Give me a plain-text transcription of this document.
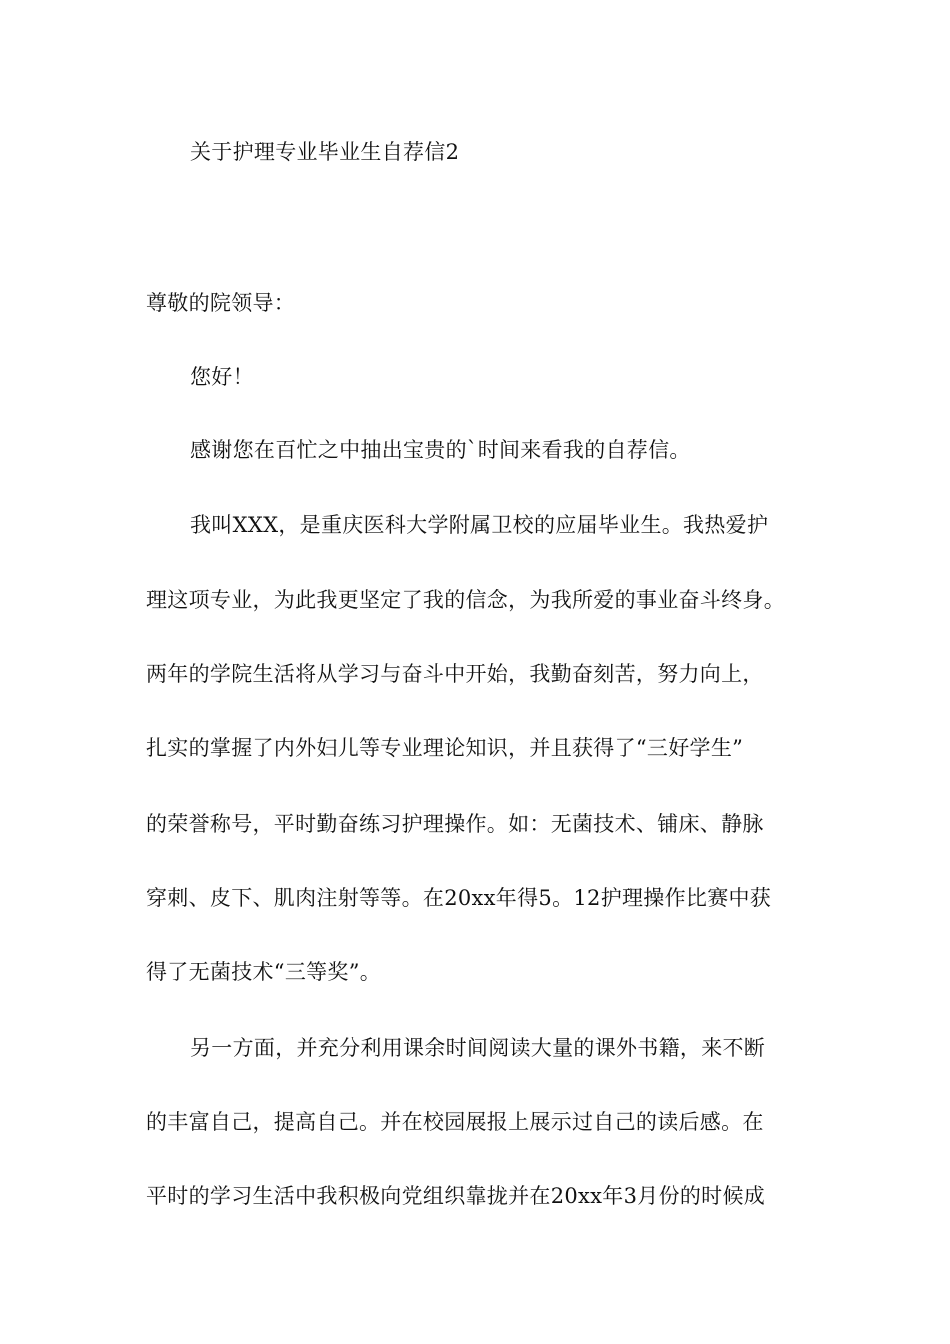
关于护理专业毕业生自荐信2
尊敬的院领导：
您好！
感谢您在百忙之中抽出宝贵的`时间来看我的自荐信。
我叫XXX，是重庆医科大学附属卫校的应届毕业生。我热爱护
理这项专业，为此我更坚定了我的信念，为我所爱的事业奋斗终身。
两年的学院生活将从学习与奋斗中开始，我勤奋刻苦，努力向上，
扎实的掌握了内外妇儿等专业理论知识，并且获得了“三好学生”
的荣誉称号，平时勤奋练习护理操作。如：无菌技术、铺床、静脉
穿刺、皮下、肌肉注射等等。在20xx年得5。12护理操作比赛中获
得了无菌技术“三等奖”。
另一方面，并充分利用课余时间阅读大量的课外书籍，来不断
的丰富自己，提高自己。并在校园展报上展示过自己的读后感。在
平时的学习生活中我积极向党组织靠拢并在20xx年3月份的时候成
